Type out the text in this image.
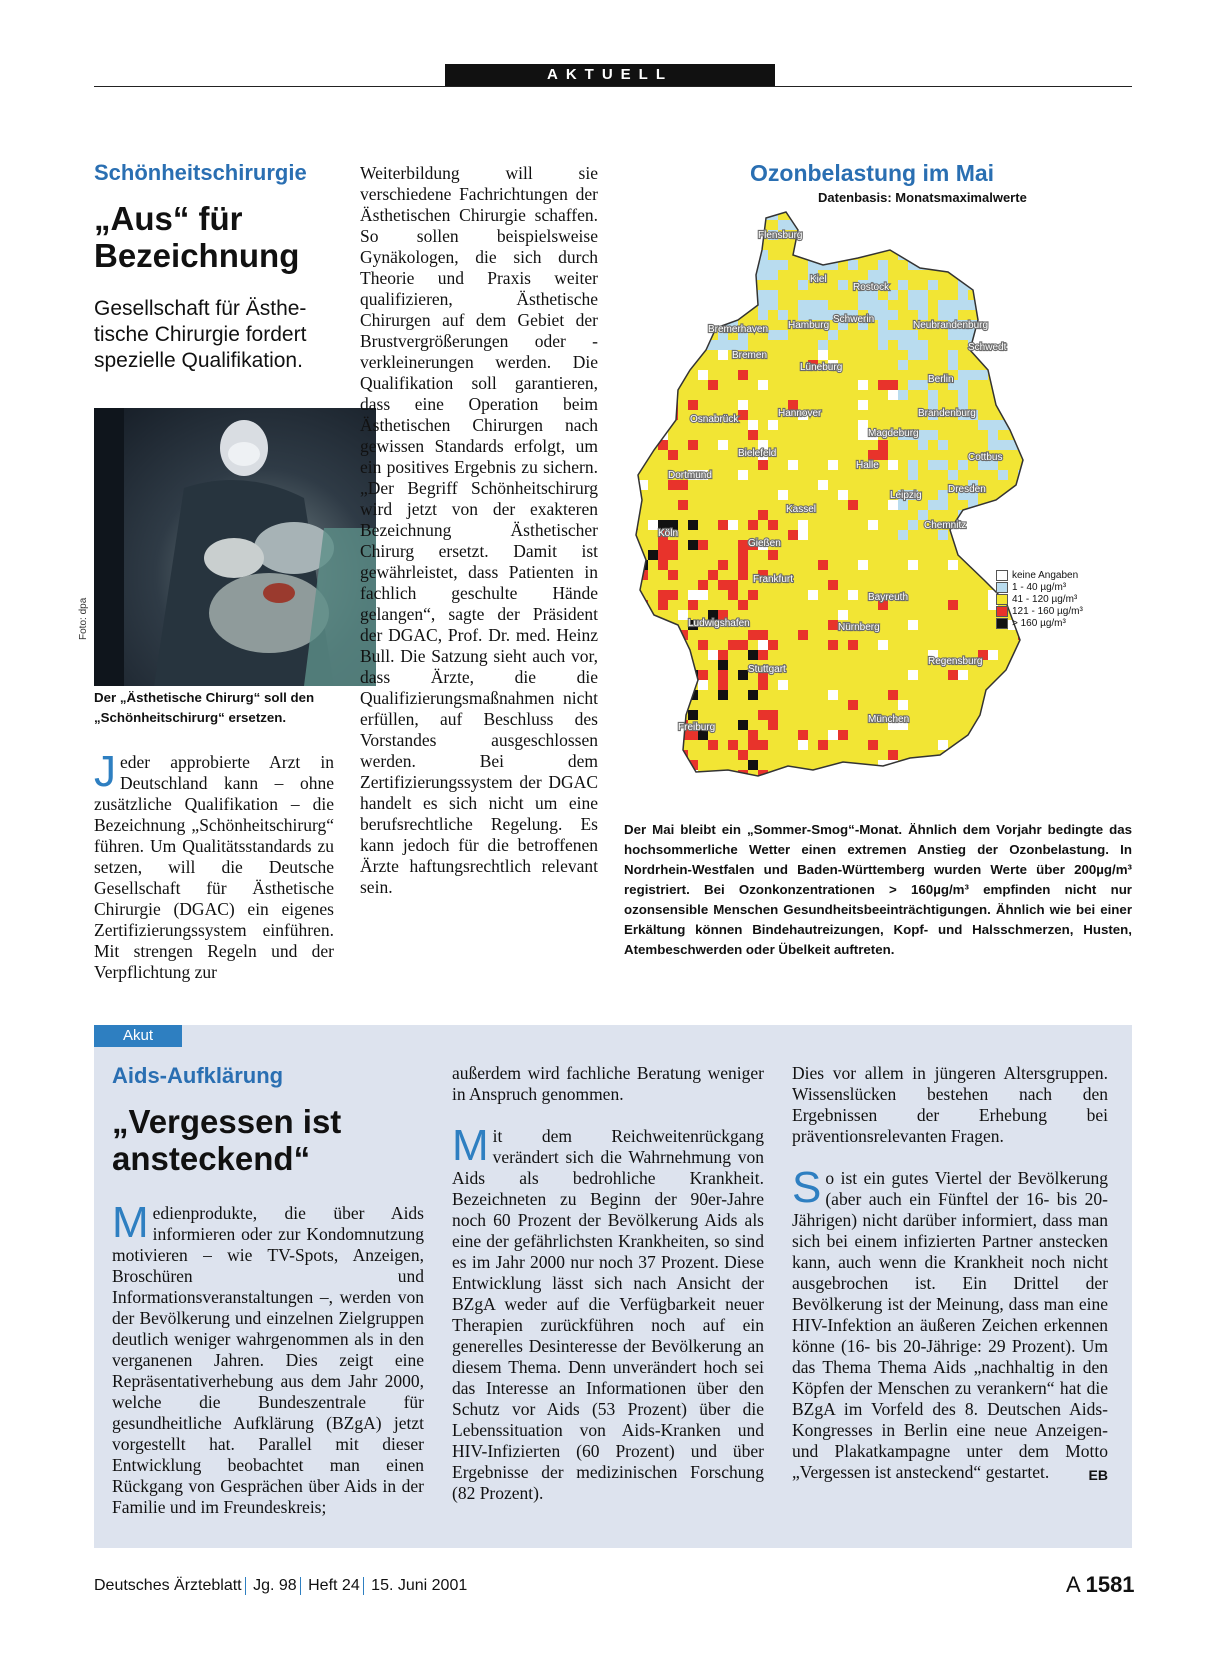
AKTUELL
Schönheitschirurgie
„Aus“ für
Bezeichnung
Gesellschaft für Ästhe-
tische Chirurgie fordert
spezielle Qualifikation.
Foto: dpa
Der „Ästhetische Chirurg“ soll den „Schönheitschirurg“ ersetzen.

Jeder approbierte Arzt in Deutschland kann – ohne zusätzliche Qualifikation – die Bezeichnung „Schönheitschirurg“ führen. Um Qualitätsstandards zu setzen, will die Deutsche Gesellschaft für Ästhetische Chirurgie (DGAC) ein eigenes Zertifizierungssystem einführen. Mit strengen Regeln und der Verpflichtung zur

Weiterbildung will sie verschiedene Fachrichtungen der Ästhetischen Chirurgie schaffen. So sollen beispielsweise Gynäkologen, die sich durch Theorie und Praxis weiter qualifizieren, Ästhetische Chirurgen auf dem Gebiet der Brustvergrößerungen oder -verkleinerungen werden. Die Qualifikation soll garantieren, dass eine Operation beim Ästhetischen Chirurgen nach gewissen Standards erfolgt, um ein positives Ergebnis zu sichern. „Der Begriff Schönheitschirurg wird jetzt von der exakteren Bezeichnung Ästhetischer Chirurg ersetzt. Damit ist gewährleistet, dass Patienten in fachlich geschulte Hände gelangen“, sagte der Präsident der DGAC, Prof. Dr. med. Heinz Bull. Die Satzung sieht auch vor, dass Ärzte, die die Qualifizierungsmaßnahmen nicht erfüllen, auf Beschluss des Vorstandes ausgeschlossen werden. Bei dem Zertifizierungssystem der DGAC handelt es sich nicht um eine berufsrechtliche Regelung. Es kann jedoch für die betroffenen Ärzte haftungsrechtlich relevant sein.

Ozonbelastung im Mai
Datenbasis: Monatsmaximalwerte
Flensburg
Kiel
Rostock
Schwerin
Neubrandenburg
Bremerhaven Hamburg
Schwedt
Bremen
Lüneburg
Berlin
Hannover
Osnabrück
Brandenburg
Magdeburg
Bielefeld
Halle
Cottbus
Dortmund
Kassel
Leipzig
Dresden
Köln
Chemnitz
Gießen
Frankfurt
Bayreuth
Ludwigshafen	Nürnberg
Stuttgart
Regensburg
Freiburg
München
keine Angaben
1 - 40 µg/m³
41 - 120 µg/m³
121 - 160 µg/m³
> 160 µg/m³
Der Mai bleibt ein „Sommer-Smog“-Monat. Ähnlich dem Vorjahr bedingte das hochsommerliche Wetter einen extremen Anstieg der Ozonbelastung. In Nordrhein-Westfalen und Baden-Württemberg wurden Werte über 200µg/m³ registriert. Bei Ozonkonzentrationen > 160µg/m³ empfinden nicht nur ozonsensible Menschen Gesundheitsbeeinträchtigungen. Ähnlich wie bei einer Erkältung können Bindehautreizungen, Kopf- und Halsschmerzen, Husten, Atembeschwerden oder Übelkeit auftreten.
Akut
Aids-Aufklärung
„Vergessen ist
ansteckend“

Medienprodukte, die über Aids informieren oder zur Kondomnutzung motivieren – wie TV-Spots, Anzeigen, Broschüren und Informationsveranstaltungen –, werden von der Bevölkerung und einzelnen Zielgruppen deutlich weniger wahrgenommen als in den verganenen Jahren. Dies zeigt eine Repräsentativerhebung aus dem Jahr 2000, welche die Bundeszentrale für gesundheitliche Aufklärung (BZgA) jetzt vorgestellt hat. Parallel mit dieser Entwicklung beobachtet man einen Rückgang von Gesprächen über Aids in der Familie und im Freundeskreis;

außerdem wird fachliche Beratung weniger in Anspruch genommen.

Mit dem Reichweitenrückgang verändert sich die Wahrnehmung von Aids als bedrohliche Krankheit. Bezeichneten zu Beginn der 90er-Jahre noch 60 Prozent der Bevölkerung Aids als eine der gefährlichsten Krankheiten, so sind es im Jahr 2000 nur noch 37 Prozent. Diese Entwicklung lässt sich nach Ansicht der BZgA weder auf die Verfügbarkeit neuer Therapien zurückführen noch auf ein generelles Desinteresse der Bevölkerung an diesem Thema. Denn unverändert hoch sei das Interesse an Informationen über den Schutz vor Aids (53 Prozent) über die Lebenssituation von Aids-Kranken und HIV-Infizierten (60 Prozent) und über Ergebnisse der medizinischen Forschung (82 Prozent).

Dies vor allem in jüngeren Altersgruppen. Wissenslücken bestehen nach den Ergebnissen der Erhebung bei präventionsrelevanten Fragen.

So ist ein gutes Viertel der Bevölkerung (aber auch ein Fünftel der 16- bis 20-Jährigen) nicht darüber informiert, dass man sich bei einem infizierten Partner anstecken kann, auch wenn die Krankheit noch nicht ausgebrochen ist. Ein Drittel der Bevölkerung ist der Meinung, dass man eine HIV-Infektion an äußeren Zeichen erkennen könne (16- bis 20-Jährige: 29 Prozent). Um das Thema Thema Aids „nachhaltig in den Köpfen der Menschen zu verankern“ hat die BZgA im Vorfeld des 8. Deutschen Aids-Kongresses in Berlin eine neue Anzeigen- und Plakatkampagne unter dem Motto „Vergessen ist ansteckend“ gestartet.	EB
Deutsches Ärzteblatt Jg. 98 Heft 24 15. Juni 2001	A 1581
